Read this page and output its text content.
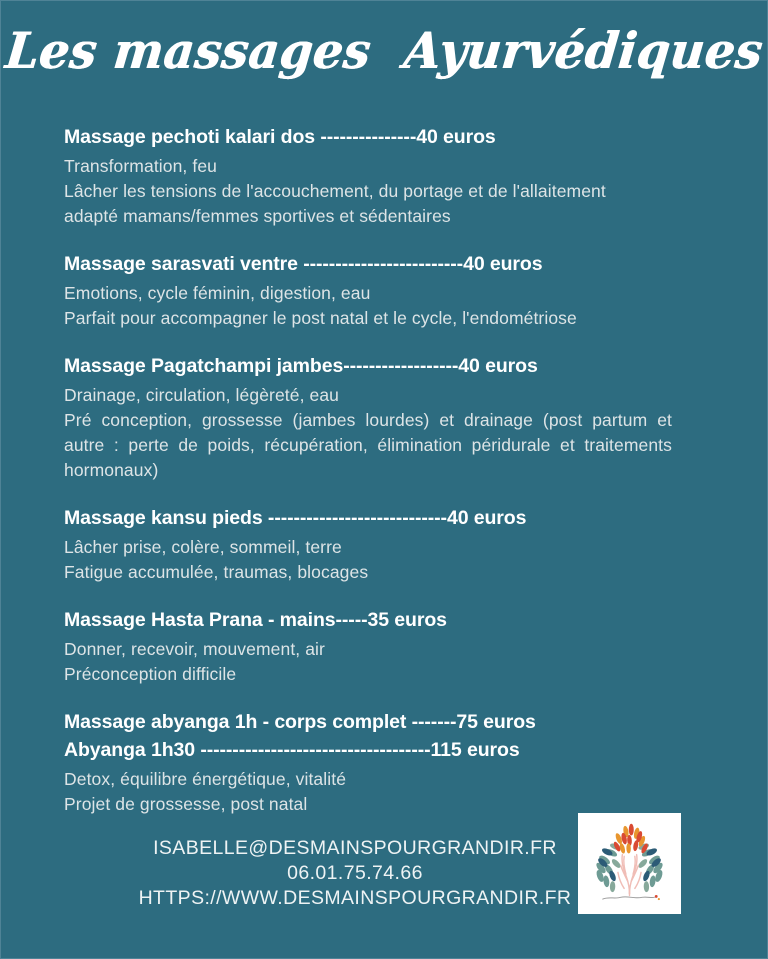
Les massages  Ayurvédiques

Massage pechoti kalari dos ---------------40 euros

Transformation, feu

Lâcher les tensions de l'accouchement, du portage et de l'allaitement

adapté mamans/femmes sportives et sédentaires

Massage sarasvati ventre -------------------------40 euros

Emotions, cycle féminin, digestion, eau

Parfait pour accompagner le post natal et le cycle, l'endométriose

Massage Pagatchampi jambes------------------40 euros

Drainage, circulation, légèreté, eau

Pré conception, grossesse (jambes lourdes) et drainage (post partum et autre : perte de poids, récupération, élimination péridurale et traitements hormonaux)

Massage kansu pieds ----------------------------40 euros

Lâcher prise, colère, sommeil, terre

Fatigue accumulée, traumas, blocages

Massage Hasta Prana - mains-----35 euros

Donner, recevoir, mouvement, air

Préconception difficile

Massage abyanga 1h - corps complet -------75 euros

Abyanga 1h30 ------------------------------------115 euros

Detox, équilibre énergétique, vitalité

Projet de grossesse, post natal

ISABELLE@DESMAINSPOURGRANDIR.FR

06.01.75.74.66

HTTPS://WWW.DESMAINSPOURGRANDIR.FR
